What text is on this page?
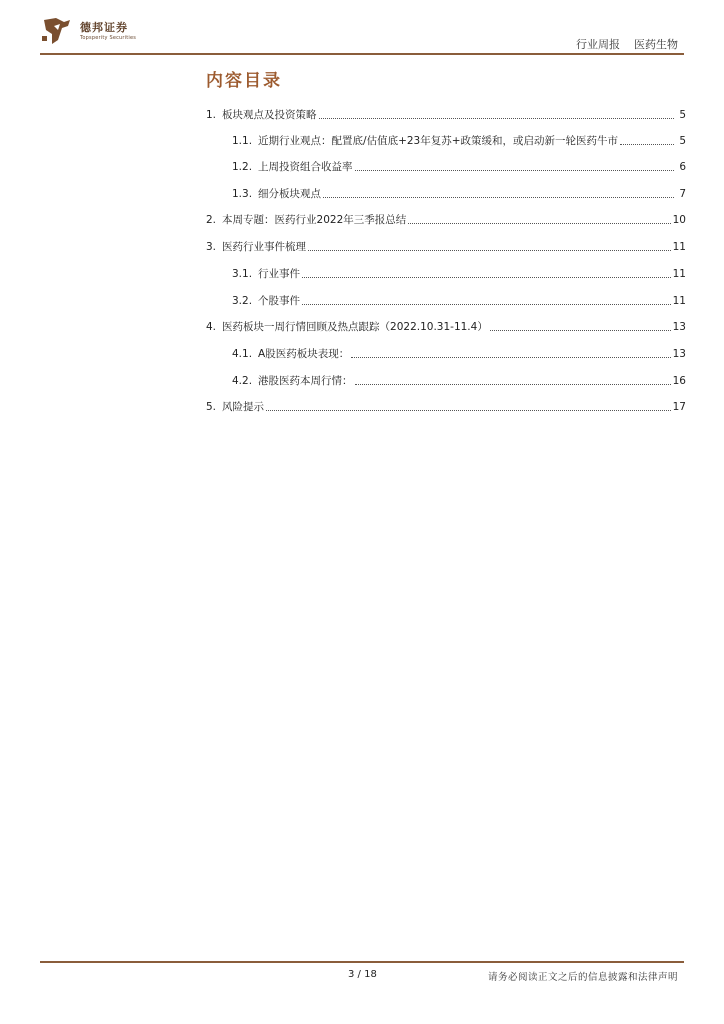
德邦证券
Topsperity Securities	行业周报 医药生物
内容目录
1. 板块观点及投资策略	5
1.1. 近期行业观点：配置底/估值底+23年复苏+政策缓和，或启动新一轮医药牛市	5
1.2. 上周投资组合收益率	6
1.3. 细分板块观点	7
2. 本周专题：医药行业2022年三季报总结	10
3. 医药行业事件梳理	11
3.1. 行业事件	11
3.2. 个股事件	11
4. 医药板块一周行情回顾及热点跟踪（2022.10.31-11.4）	13
4.1. A股医药板块表现：	13
4.2. 港股医药本周行情：	16
5. 风险提示	17
3 / 18	请务必阅读正文之后的信息披露和法律声明
